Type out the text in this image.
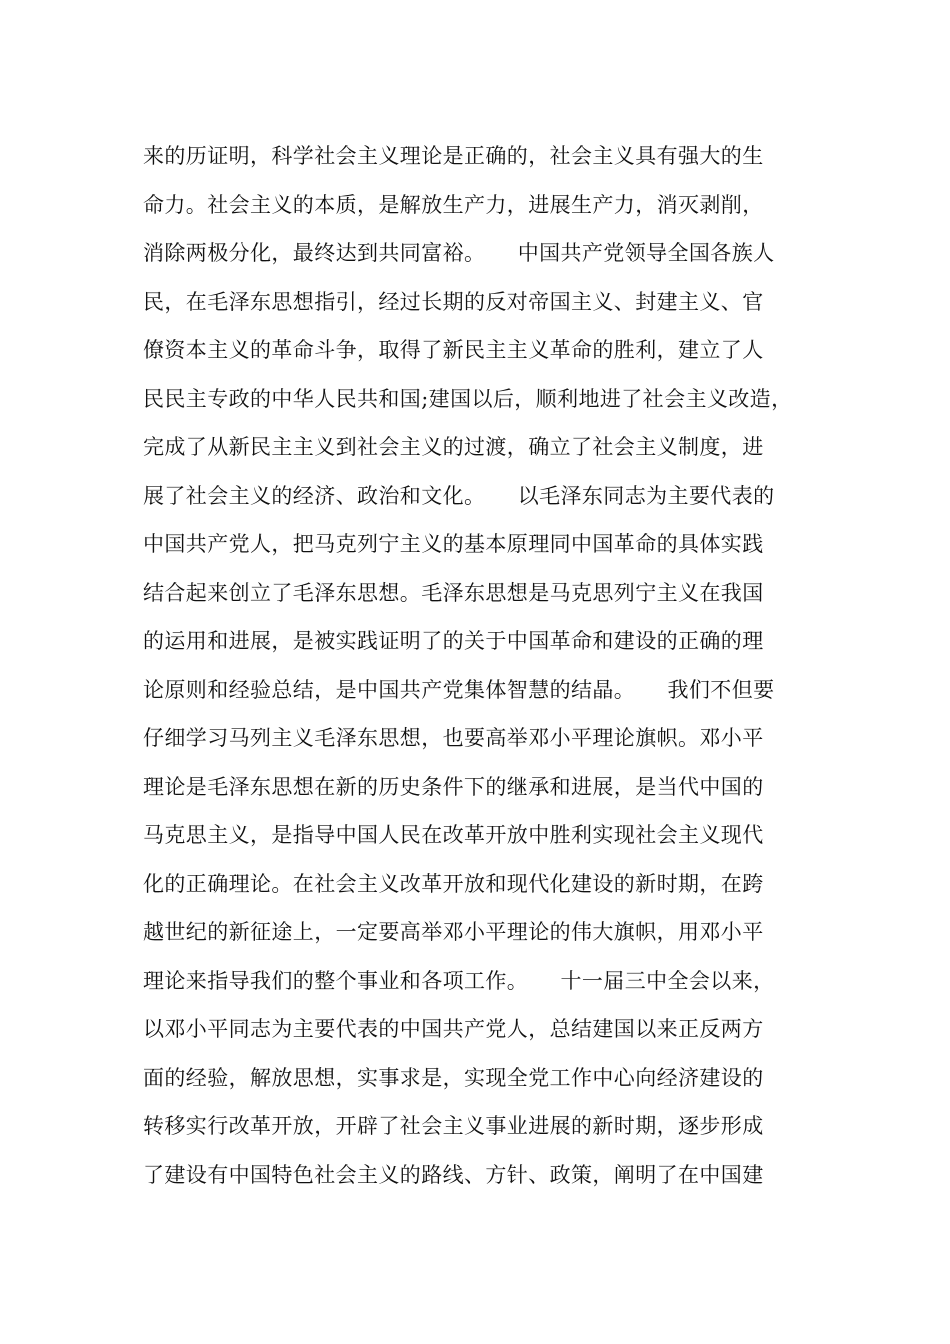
来的历证明，科学社会主义理论是正确的，社会主义具有强大的生
命力。社会主义的本质，是解放生产力，进展生产力，消灭剥削，
消除两极分化，最终达到共同富裕。　　中国共产党领导全国各族人
民，在毛泽东思想指引，经过长期的反对帝国主义、封建主义、官
僚资本主义的革命斗争，取得了新民主主义革命的胜利，建立了人
民民主专政的中华人民共和国;建国以后，顺利地进了社会主义改造，
完成了从新民主主义到社会主义的过渡，确立了社会主义制度，进
展了社会主义的经济、政治和文化。　　以毛泽东同志为主要代表的
中国共产党人，把马克列宁主义的基本原理同中国革命的具体实践
结合起来创立了毛泽东思想。毛泽东思想是马克思列宁主义在我国
的运用和进展，是被实践证明了的关于中国革命和建设的正确的理
论原则和经验总结，是中国共产党集体智慧的结晶。　　我们不但要
仔细学习马列主义毛泽东思想，也要高举邓小平理论旗帜。邓小平
理论是毛泽东思想在新的历史条件下的继承和进展，是当代中国的
马克思主义，是指导中国人民在改革开放中胜利实现社会主义现代
化的正确理论。在社会主义改革开放和现代化建设的新时期，在跨
越世纪的新征途上，一定要高举邓小平理论的伟大旗帜，用邓小平
理论来指导我们的整个事业和各项工作。　　十一届三中全会以来，
以邓小平同志为主要代表的中国共产党人，总结建国以来正反两方
面的经验，解放思想，实事求是，实现全党工作中心向经济建设的
转移实行改革开放，开辟了社会主义事业进展的新时期，逐步形成
了建设有中国特色社会主义的路线、方针、政策，阐明了在中国建
